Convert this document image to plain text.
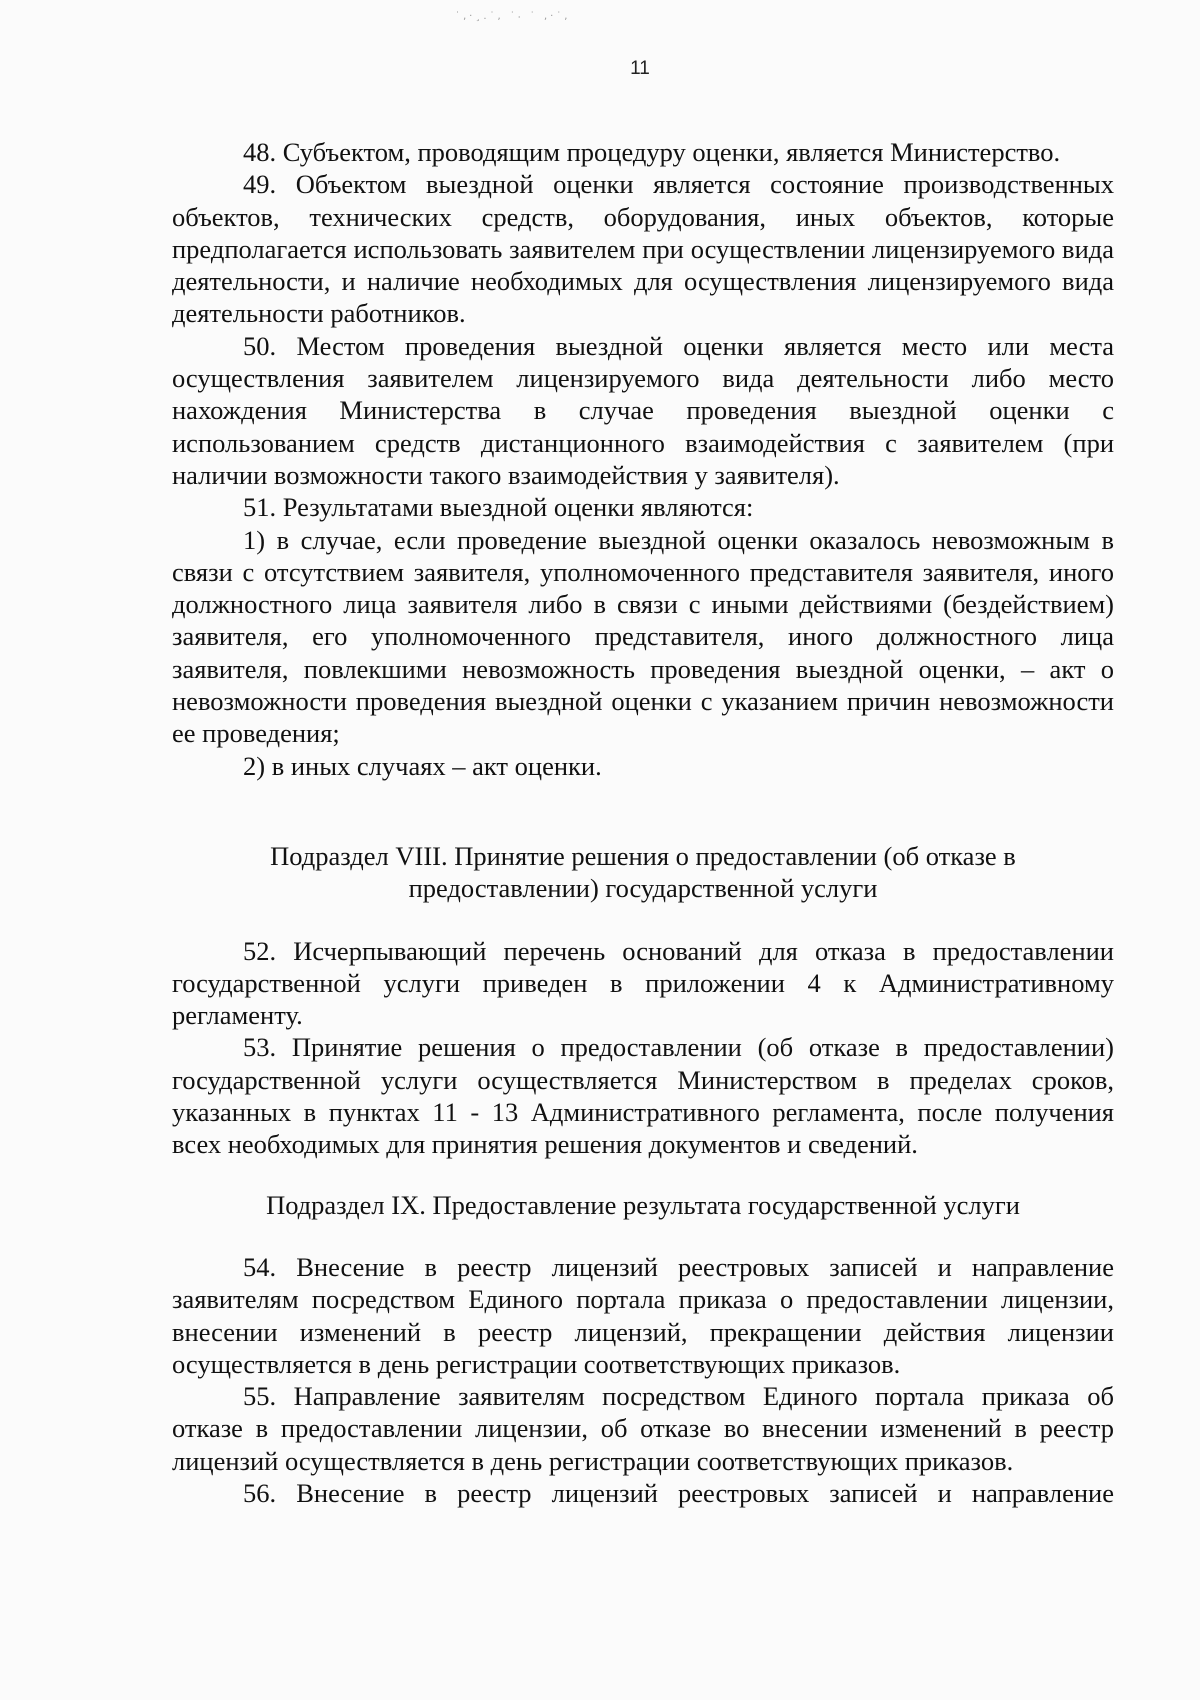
˙‚·¸.˙, ˙⸳ ˙ ‚·˙,
11

48. Субъектом, проводящим процедуру оценки, является Министерство.

49. Объектом выездной оценки является состояние производственных объектов, технических средств, оборудования, иных объектов, которые предполагается использовать заявителем при осуществлении лицензируемого вида деятельности, и наличие необходимых для осуществления лицензируемого вида деятельности работников.

50. Местом проведения выездной оценки является место или места осуществления заявителем лицензируемого вида деятельности либо место нахождения Министерства в случае проведения выездной оценки с использованием средств дистанционного взаимодействия с заявителем (при наличии возможности такого взаимодействия у заявителя).

51. Результатами выездной оценки являются:

1) в случае, если проведение выездной оценки оказалось невозможным в связи с отсутствием заявителя, уполномоченного представителя заявителя, иного должностного лица заявителя либо в связи с иными действиями (бездействием) заявителя, его уполномоченного представителя, иного должностного лица заявителя, повлекшими невозможность проведения выездной оценки, – акт о невозможности проведения выездной оценки с указанием причин невозможности ее проведения;

2) в иных случаях – акт оценки.

Подраздел VIII. Принятие решения о предоставлении (об отказе в

предоставлении) государственной услуги

52. Исчерпывающий перечень оснований для отказа в предоставлении государственной услуги приведен в приложении 4 к Административному регламенту.

53. Принятие решения о предоставлении (об отказе в предоставлении) государственной услуги осуществляется Министерством в пределах сроков, указанных в пунктах 11 - 13 Административного регламента, после получения всех необходимых для принятия решения документов и сведений.

Подраздел IX. Предоставление результата государственной услуги

54. Внесение в реестр лицензий реестровых записей и направление заявителям посредством Единого портала приказа о предоставлении лицензии, внесении изменений в реестр лицензий, прекращении действия лицензии осуществляется в день регистрации соответствующих приказов.

55. Направление заявителям посредством Единого портала приказа об отказе в предоставлении лицензии, об отказе во внесении изменений в реестр лицензий осуществляется в день регистрации соответствующих приказов.

56. Внесение в реестр лицензий реестровых записей и направление
